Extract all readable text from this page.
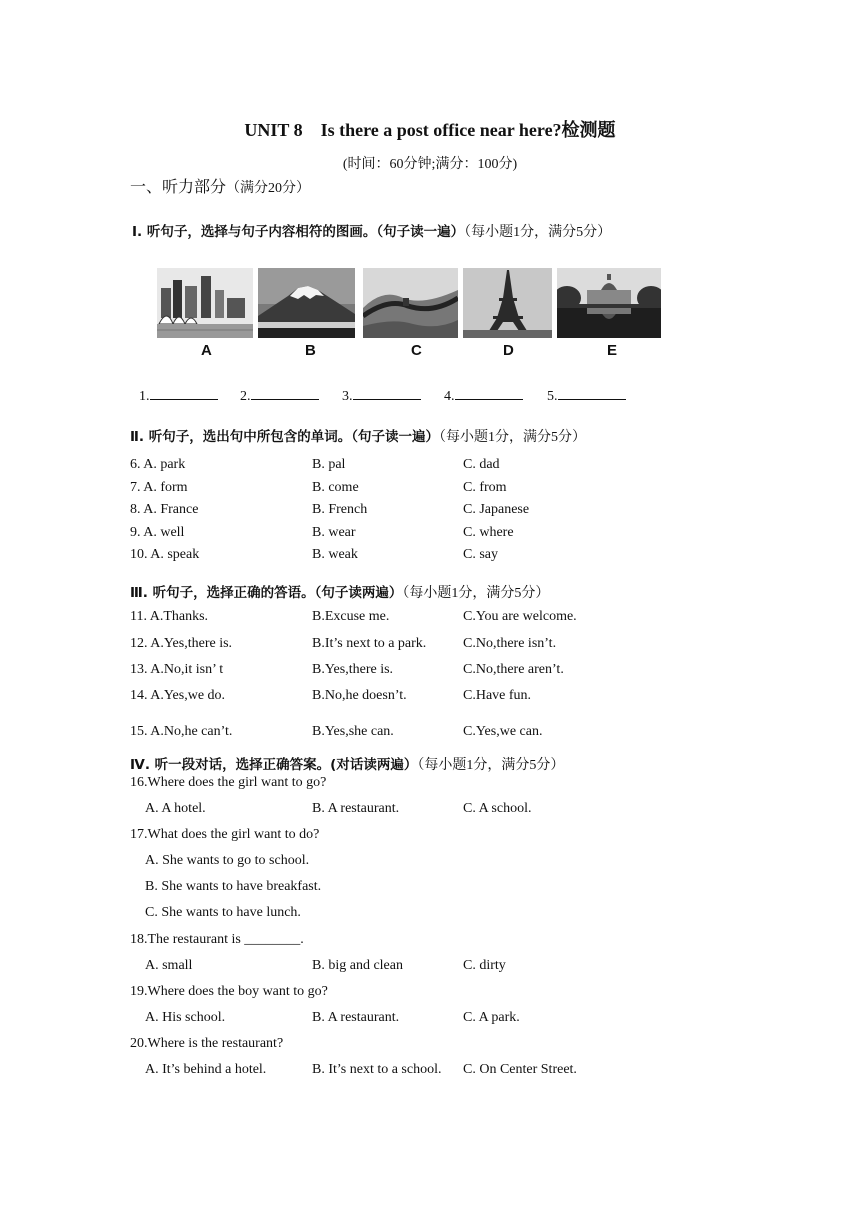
UNIT 8 Is there a post office near here?检测题
(时间：60分钟;满分：100分)
一、听力部分（满分20分）
Ⅰ. 听句子，选择与句子内容相符的图画。（句子读一遍）（每小题1分，满分5分）
A	B	C	D	E
1.	2.	3.	4.	5.
Ⅱ. 听句子，选出句中所包含的单词。（句子读一遍）（每小题1分，满分5分）
6. A. park	B. pal	C. dad
7. A. form	B. come	C. from
8. A. France	B. French	C. Japanese
9. A. well	B. wear	C. where
10. A. speak	B. weak	C. say
Ⅲ. 听句子，选择正确的答语。（句子读两遍）（每小题1分，满分5分）
11. A.Thanks.	B.Excuse me.	C.You are welcome.
12. A.Yes,there is.	B.It’s next to a park.	C.No,there isn’t.
13. A.No,it isn’ t	B.Yes,there is.	C.No,there aren’t.
14. A.Yes,we do.	B.No,he doesn’t.	C.Have fun.
15. A.No,he can’t.	B.Yes,she can.	C.Yes,we can.
Ⅳ. 听一段对话，选择正确答案。(对话读两遍）（每小题1分，满分5分）
16.Where does the girl want to go?
A. A hotel.	B. A restaurant.	C. A school.
17.What does the girl want to do?
A. She wants to go to school.
B. She wants to have breakfast.
C. She wants to have lunch.
18.The restaurant is ________.
A. small	B. big and clean	C. dirty
19.Where does the boy want to go?
A. His school.	B. A restaurant.	C. A park.
20.Where is the restaurant?
A. It’s behind a hotel.	B. It’s next to a school. C. On Center Street.
